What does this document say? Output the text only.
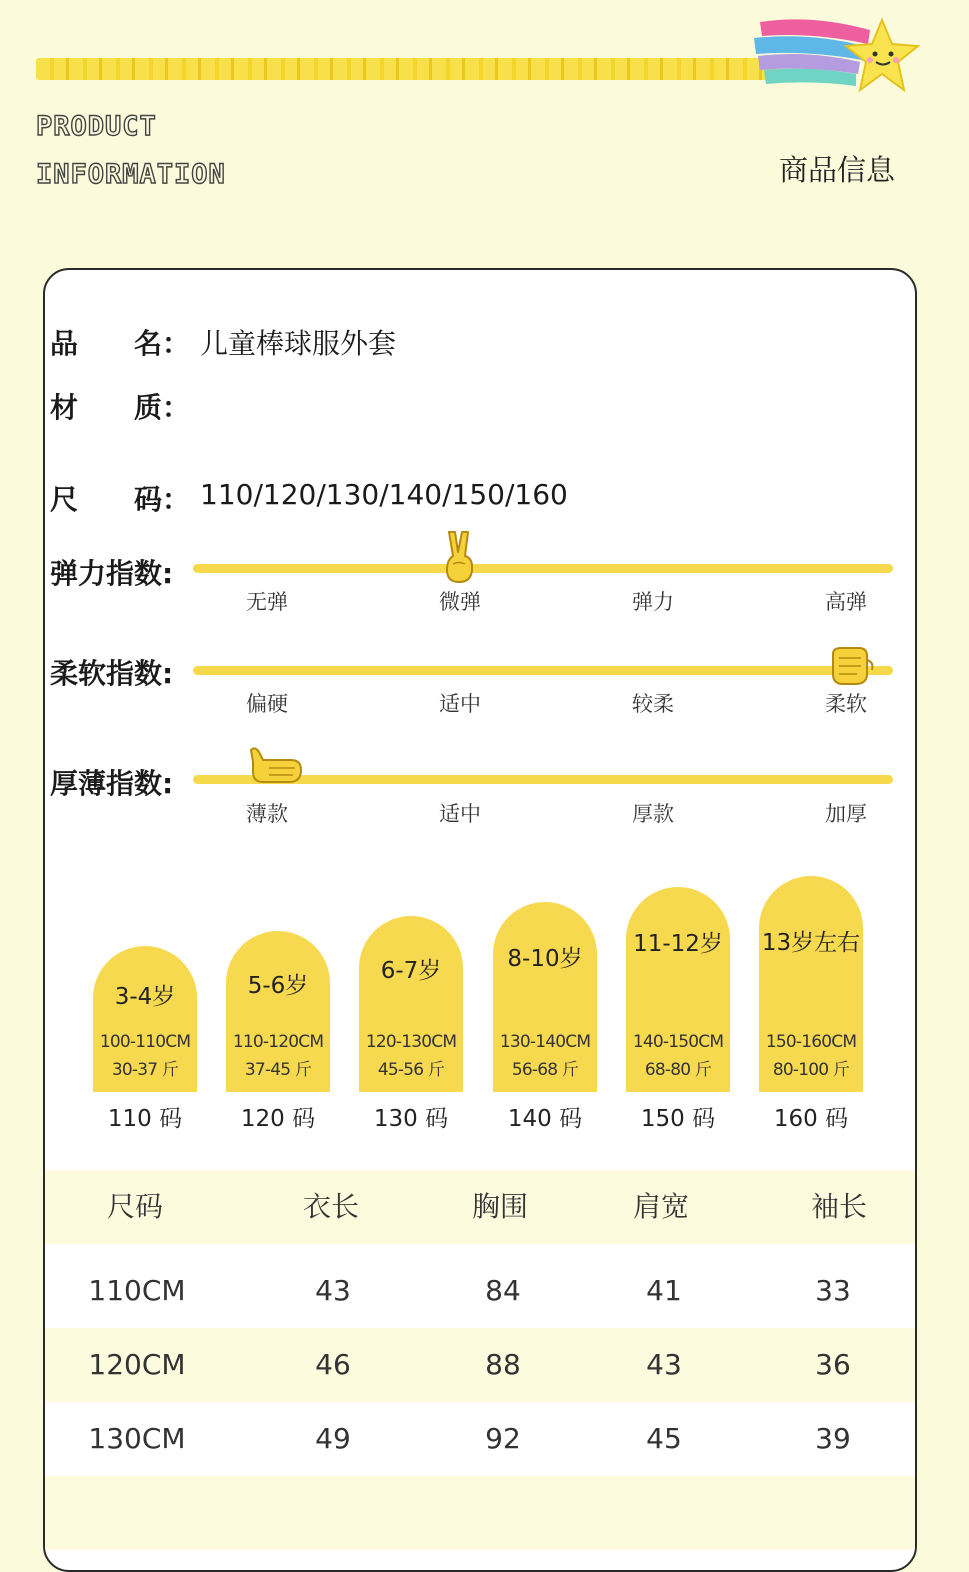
PRODUCT
INFORMATION	商品信息
品　　名： 儿童棒球服外套
材　　质：
尺　　码： 110/120/130/140/150/160
弹力指数:
无弹	微弹	弹力	高弹
柔软指数:
偏硬	适中	较柔	柔软
厚薄指数:
薄款	适中	厚款	加厚
3-4岁
100-110CM
30-37 斤
5-6岁
110-120CM
37-45 斤
6-7岁
120-130CM
45-56 斤
8-10岁
130-140CM
56-68 斤
11-12岁
140-150CM
68-80 斤
13岁左右
150-160CM
80-100 斤
110 码	120 码	130 码	140 码	150 码	160 码
尺码	衣长	胸围	肩宽	袖长
110CM	43	84	41	33
120CM	46	88	43	36
130CM	49	92	45	39
